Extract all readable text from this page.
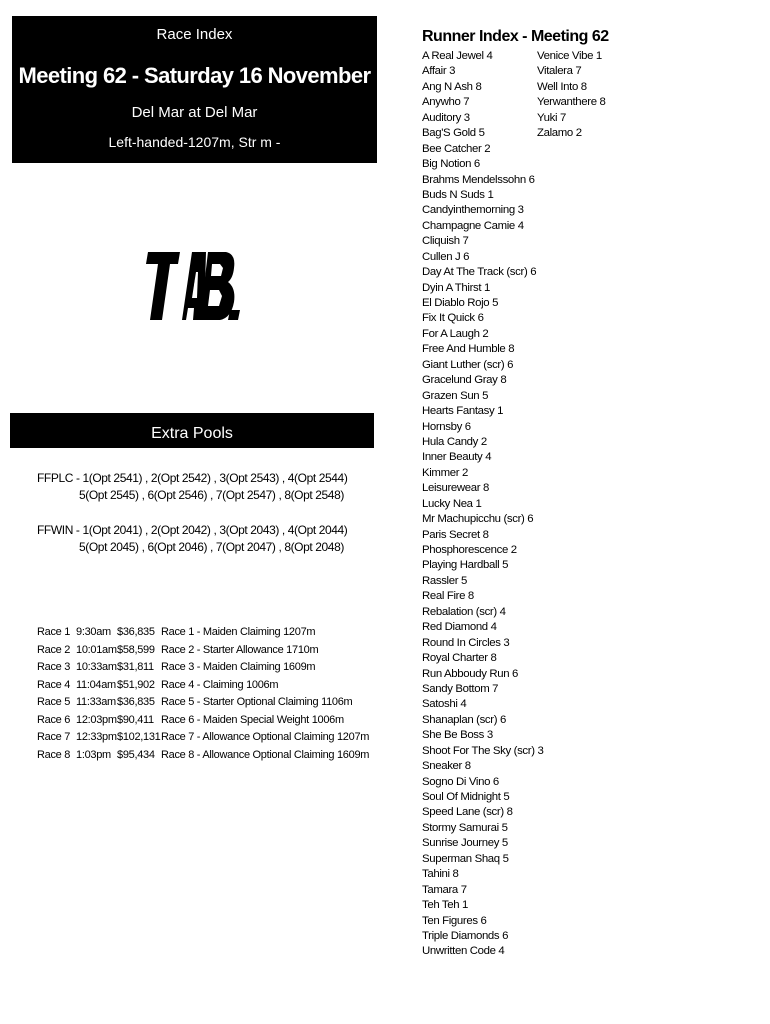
Race Index
Meeting 62 - Saturday 16 November
Del Mar at Del Mar
Left-handed-1207m, Str m -
Extra Pools
FFPLC - 1(Opt 2541) , 2(Opt 2542) , 3(Opt 2543) , 4(Opt 2544)
5(Opt 2545) , 6(Opt 2546) , 7(Opt 2547) , 8(Opt 2548)
FFWIN - 1(Opt 2041) , 2(Opt 2042) , 3(Opt 2043) , 4(Opt 2044)
5(Opt 2045) , 6(Opt 2046) , 7(Opt 2047) , 8(Opt 2048)
Race 1 9:30am $36,835 Race 1 - Maiden Claiming 1207m
Race 2 10:01am $58,599 Race 2 - Starter Allowance 1710m
Race 3 10:33am $31,811 Race 3 - Maiden Claiming 1609m
Race 4 11:04am $51,902 Race 4 - Claiming 1006m
Race 5 11:33am $36,835 Race 5 - Starter Optional Claiming 1106m
Race 6 12:03pm $90,411 Race 6 - Maiden Special Weight 1006m
Race 7 12:33pm $102,131 Race 7 - Allowance Optional Claiming 1207m
Race 8 1:03pm $95,434 Race 8 - Allowance Optional Claiming 1609m
Runner Index - Meeting 62
A Real Jewel 4
Affair 3
Ang N Ash 8
Anywho 7
Auditory 3
Bag'S Gold 5
Bee Catcher 2
Big Notion 6
Brahms Mendelssohn 6
Buds N Suds 1
Candyinthemorning 3
Champagne Camie 4
Cliquish 7
Cullen J 6
Day At The Track (scr) 6
Dyin A Thirst 1
El Diablo Rojo 5
Fix It Quick 6
For A Laugh 2
Free And Humble 8
Giant Luther (scr) 6
Gracelund Gray 8
Grazen Sun 5
Hearts Fantasy 1
Hornsby 6
Hula Candy 2
Inner Beauty 4
Kimmer 2
Leisurewear 8
Lucky Nea 1
Mr Machupicchu (scr) 6
Paris Secret 8
Phosphorescence 2
Playing Hardball 5
Rassler 5
Real Fire 8
Rebalation (scr) 4
Red Diamond 4
Round In Circles 3
Royal Charter 8
Run Abboudy Run 6
Sandy Bottom 7
Satoshi 4
Shanaplan (scr) 6
She Be Boss 3
Shoot For The Sky (scr) 3
Sneaker 8
Sogno Di Vino 6
Soul Of Midnight 5
Speed Lane (scr) 8
Stormy Samurai 5
Sunrise Journey 5
Superman Shaq 5
Tahini 8
Tamara 7
Teh Teh 1
Ten Figures 6
Triple Diamonds 6
Unwritten Code 4
Venice Vibe 1
Vitalera 7
Well Into 8
Yerwanthere 8
Yuki 7
Zalamo 2
